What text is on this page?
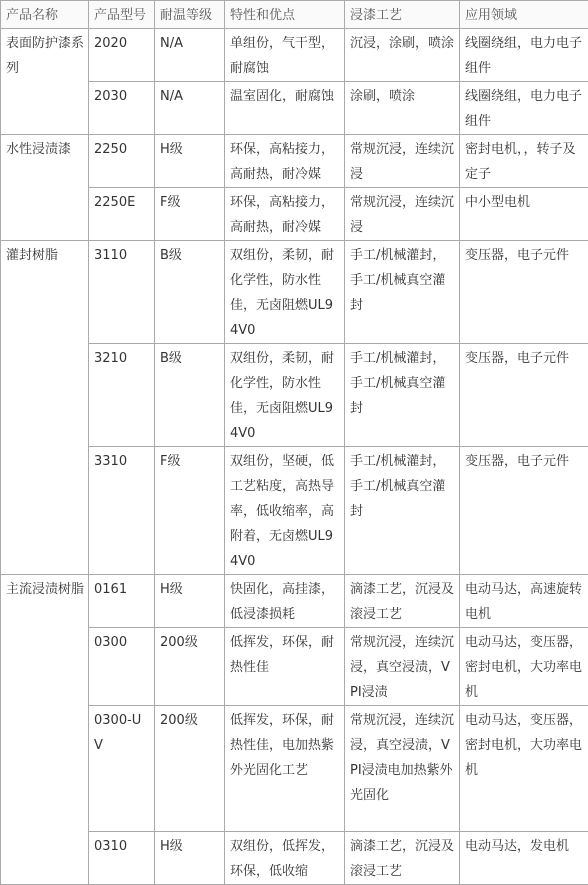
产品名称	产品型号	耐温等级	特性和优点	浸漆工艺	应用领域
表面防护漆系列	2020	N/A	单组份，气干型，耐腐蚀	沉浸，涂刷，喷涂	线圈绕组，电力电子组件
	2030	N/A	温室固化，耐腐蚀	涂刷，喷涂	线圈绕组，电力电子组件
水性浸渍漆	2250	H级	环保，高粘接力，高耐热，耐冷媒	常规沉浸，连续沉浸	密封电机，，转子及定子
	2250E	F级	环保，高粘接力，高耐热，耐冷媒	常规沉浸，连续沉浸	中小型电机
灌封树脂	3110	B级	双组份，柔韧，耐化学性，防水性佳，无卤阻燃UL94V0	手工/机械灌封，手工/机械真空灌封	变压器，电子元件
	3210	B级	双组份，柔韧，耐化学性，防水性佳，无卤阻燃UL94V0	手工/机械灌封，手工/机械真空灌封	变压器，电子元件
	3310	F级	双组份，坚硬，低工艺粘度，高热导率，低收缩率，高附着，无卤燃UL94V0	手工/机械灌封，手工/机械真空灌封	变压器，电子元件
主流浸渍树脂	0161	H级	快固化，高挂漆，低浸漆损耗	滴漆工艺，沉浸及滚浸工艺	电动马达，高速旋转电机
	0300	200级	低挥发，环保，耐热性佳	常规沉浸，连续沉浸，真空浸渍，VPI浸渍	电动马达，变压器，密封电机，大功率电机
	0300-UV	200级	低挥发，环保，耐热性佳，电加热紫外光固化工艺	常规沉浸，连续沉浸，真空浸渍，VPI浸渍电加热紫外光固化	电动马达，变压器，密封电机，大功率电机
	0310	H级	双组份，低挥发，环保，低收缩	滴漆工艺，沉浸及滚浸工艺	电动马达，发电机
